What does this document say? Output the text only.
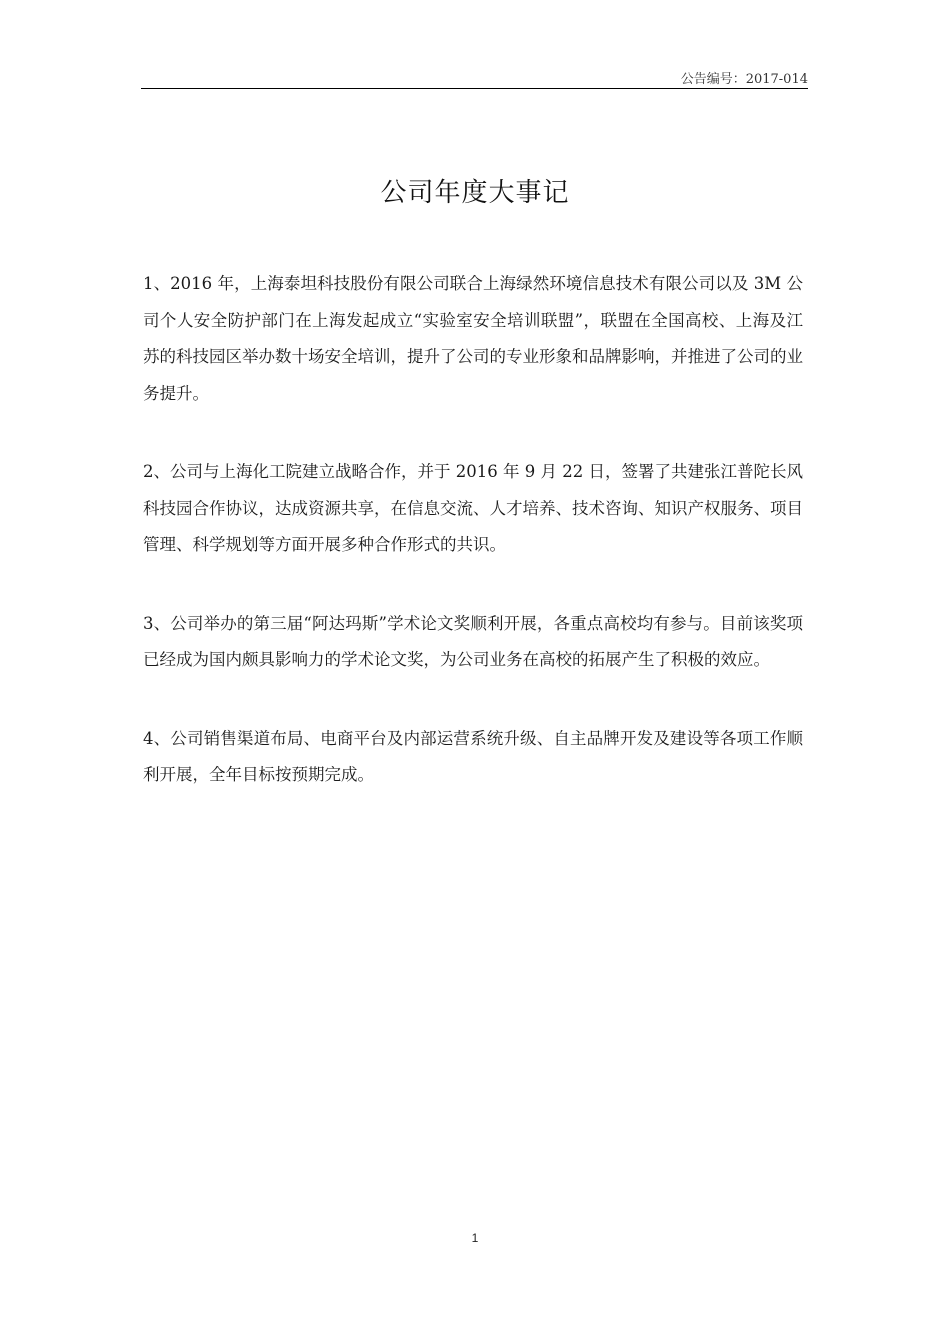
公告编号：2017-014
公司年度大事记

1、2016 年，上海泰坦科技股份有限公司联合上海绿然环境信息技术有限公司以及 3M 公司个人安全防护部门在上海发起成立“实验室安全培训联盟”，联盟在全国高校、上海及江苏的科技园区举办数十场安全培训，提升了公司的专业形象和品牌影响，并推进了公司的业务提升。

2、公司与上海化工院建立战略合作，并于 2016 年 9 月 22 日，签署了共建张江普陀长风科技园合作协议，达成资源共享，在信息交流、人才培养、技术咨询、知识产权服务、项目管理、科学规划等方面开展多种合作形式的共识。

3、公司举办的第三届“阿达玛斯”学术论文奖顺利开展，各重点高校均有参与。目前该奖项已经成为国内颇具影响力的学术论文奖，为公司业务在高校的拓展产生了积极的效应。

4、公司销售渠道布局、电商平台及内部运营系统升级、自主品牌开发及建设等各项工作顺利开展，全年目标按预期完成。

1
